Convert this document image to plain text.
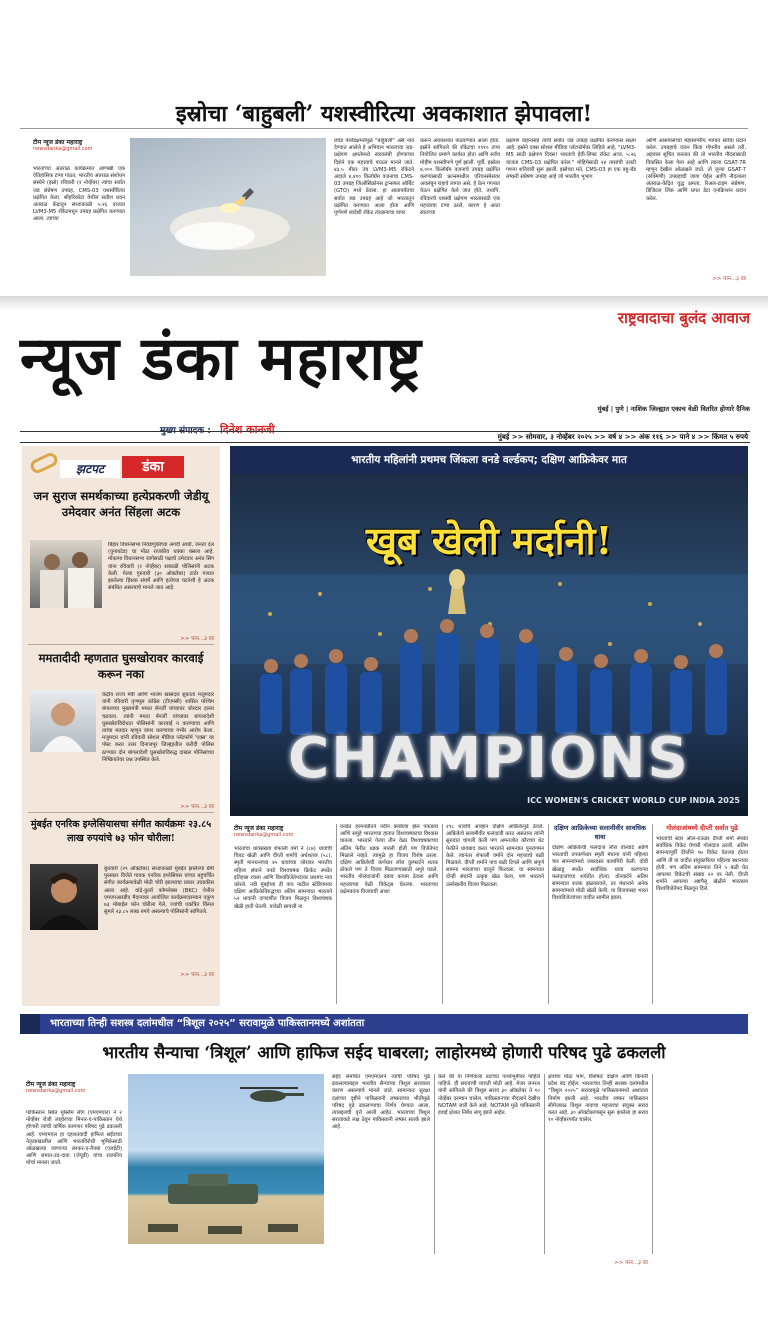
इस्रोचा ‘बाहुबली’ यशस्वीरित्या अवकाशात झेपावला!
टीम न्यूज डंका महाराष्ट्र
newsdanka@gmail.com
भारताच्या अंतराळ कार्यक्रमात आणखी एक ऐतिहासिक टप्पा गाठत, भारतीय अंतराळ संशोधन संस्थेने (इस्रो) रविवारी (२ नोव्हेंबर) त्यांचा सर्वात जड संप्रेषण उपग्रह, CMS-03 यशस्वीरित्या प्रक्षेपित केला. श्रीहरिकोटा येथील सतीश धवन अंतराळ केंद्रातून संध्याकाळी ५:२६ वाजता LVM3-M5 रॉकेटमधून उपग्रह प्रक्षेपित करण्यात आला. त्याच्या
प्रचंड पेलोडक्षमतेमुळे "बाहुबली" असे नाव देण्यात आलेले हे अभियान भारताच्या जड-प्रक्षेपण क्षमतेमध्ये स्वावलंबी होण्याच्या दिशेने एक महत्त्वाचे पाऊल मानले जाते. ४३.५ मीटर उंच LVM3-M5 रॉकेटने अंदाजे ४,४१० किलोग्रॅम वजनाचा CMS-03 उपग्रह जिओसिंक्रोनस ट्रान्सफर ऑर्बिट (GTO) मध्ये ठेवला. हा आतापर्यंतचा सर्वात जड उपग्रह आहे जो भारतातून प्रक्षेपित करण्यात आला होता आणि पूर्णपणे स्वदेशी रॉकेट तंत्रज्ञानाचा वापर
करून अवकाशात पाठवण्यात आला होता. इस्रोने सांगितले की रॉकेटचा १९१० टप्पा नियोजित प्रमाणे कार्यरत होता आणि सर्वच मोहीम यशस्वीपणे पूर्ण झाली. पूर्वी, इस्रोला ४,००० किलोग्रॅम वजनाचे उपग्रह प्रक्षेपित करण्यासाठी फ्रान्समधील एरियनस्पेसवर अवलंबून राहावे लागत असे, हे प्रेत्न गगनात येऊन प्रक्षेपित केले जात होते. तथापि, रविवारचे यशस्वी प्रक्षेपण भारतासाठी एक महत्त्वाचा टप्पा ठरले, कारण हे आता स्वतःच्या
प्रक्षेपण वाहनांसह त्यांचे सर्वात जड उपग्रह प्रक्षेपित करण्यास सक्षम आहे. इस्रोने एक्स सोशल मीडिया प्लॅटफॉर्मवर लिहिले आहे, "LVM3-M5 साठी प्रक्षेपण दिवस! भारताचे हेवी-लिफ्ट रॉकेट आज, ५:२६ वाजता CMS-03 प्रक्षेपित करेल." मोहिमेसाठी २४ तासांची उलटी गणना शनिवारी सुरू झाली. इस्रोच्या मते, CMS-03 हा एक बहु-बँड लष्करी संप्रेषण उपग्रह आहे जो भारतीय भूभाग
आणि आसपासच्या महासागरीय भागात सेवेचा प्रदान करेल. उपग्रहाचे वजन किंवा गोपनीय असले तरी, अहवाल सूचित करतात की तो भारतीय नौदलासाठी विकसित केला गेला आहे आणि त्याला GSAT-7R म्हणून देखील ओळखले जाते. तो जुन्या GSAT-7 (रुक्मिणी) उपग्रहाची जागा घेईल आणि नौदलाला अंतराळ-केंद्रित युद्ध क्षमता, रिअल-टाइम संप्रेषण, डिजिटल लिंक आणि प्रगत डेटा एनक्रिप्शन प्रदान करेल.
>> पान...३ वर
राष्ट्रवादाचा बुलंद आवाज
न्यूज डंका महाराष्ट्र
मुख्य संपादक : दिनेश कानजी
मुंबई | पुणे | नाशिक जिल्ह्यात एकाच वेळी वितरित होणारे दैनिक
मुंबई >> सोमवार, ३ नोव्हेंबर २०२५ >> वर्ष ४ >> अंक ११६ >> पाने ४ >> किंमत ५ रुपये
झटपट	डंका
जन सुराज समर्थकाच्या हत्येप्रकरणी जेडीयू उमेदवार अनंत सिंहला अटक
बिहार विधानसभा निवडणुकीच्या अगदी आधी, जनता दल (युनायटेड) चा मोठा राजकीय धक्का बसला आहे. मोकामा विधानसभा जागेसाठी पक्षाचे उमेदवार अनंत सिंग यांना रविवारी (२ नोव्हेंबर) सकाळी पोलिसांनी अटक केली. गेल्या गुरुवारी (३० ऑक्टोबर) टार्टर गावात झालेल्या हिंसक संघर्षे आणि हत्येच्या घटनेशी हे अटक संबंधित असल्याचे मानले जात आहे.
>> पान...३ वर
ममतादीदी म्हणतात घुसखोरावर कारवाई करून नका
केंद्रीय राज्य मंत्री आणि भाजप खासदार सुकांता मजुमदार यांनी रविवारी तृणमूल काँग्रेस (टीएमसी) शासित पश्चिम बंगालच्या मुख्यमंत्री ममता बॅनर्जी यांच्यावर जोरदार हल्ला चढवला. त्यांनी ममता बॅनर्जी यांच्यावर बांगलादेशी घुसखोरांविरोधात पोलिसांनी कारवाई न करण्याचा आणि त्यांचा मतदार म्हणून वापर करण्याचा गंभीर आरोप केला. मजुमदार यांनी रविवारी सोशल मीडिया प्लॅटफॉर्म 'एक्स' वर पोस्ट करत उत्तर दिनाजपूर जिल्ह्यातील करीदी पोलिस ठाण्यात दोन बांगलादेशी घुसखोरांविरुद्ध दाखल पोलिसांच्या निष्क्रियतेवर प्रश्न उपस्थित केले.
>> पान...३ वर
मुंबईत एनरिक इग्लेसियासचा संगीत कार्यक्रमः २३.८५ लाख रुपयांचे ७३ फोन चोरीला!
बुधवारी (२९ ऑक्टोबर) संध्याकाळी मुंबईत झालेल्या ग्रॅमी पुरस्कार विजेते गायक एनरिक इग्लेसियस यांच्या बहुचर्चित संगीत कार्यक्रमावेळी मोठी चोरी झाल्याचा प्रकार उघडकीस आला आहे. वांद्रे-कुर्ला कॉम्प्लेक्स (BKC) येथील एमएमआरडीए मैदानावर आयोजित कार्यक्रमादरम्यान एकूण ७३ मोबाईल फोन चोरीला गेले, ज्यांची एकत्रित किंमत सुमारे २३.८५ लाख रुपये असल्याचे पोलिसांनी सांगितले.
>> पान...३ वर
भारतीय महिलांनी प्रथमच जिंकला वनडे वर्ल्डकप; दक्षिण आफ्रिकेवर मात
खूब खेली मर्दानी!
CHAMPIONS
ICC WOMEN'S CRICKET WORLD CUP INDIA 2025
टीम न्यूज डंका महाराष्ट्र
newsdanka@gmail.com
भारताचा धावसंख्या शेफाली वर्मा ने (८७) धावांची चिवट खेळी आणि दीप्ती शर्माचे अर्धशतक (५८), स्मृती मानधनाच्या ४५ धावांच्या जोरावर भारतीय महिला संघाने वनडे विश्वचषक क्रिकेट स्पर्धेत इतिहास रचला आणि विश्वविजेतेपदावर प्रथमच नाव कोरले. नवी मुंबईच्या डी वाय पाटील स्टेडियमवर दक्षिण आफ्रिकेविरुद्धच्या अंतिम सामन्यात भारताने ५२ धावांनी दणदणीत विजय मिळवून विश्वचषक खेळी हाती घेतली. यावेळी सायली ना
वनडेत हरमनप्रीतने नदीन क्लर्कचा झेल पकडला आणि समुहे भारताच्या हातात विश्वचषकाचा विश्वास घातला. भारताने गेल्या तीन वेळा विश्वचषकाच्या अंतिम फेरीत धडक मारली होती पण विजेतेपद मिळाले नव्हते. त्यामुळे हा विजय विशेष ठरला. दक्षिण आफ्रिकेची कर्णधार लॉरा वुल्फार्टने शतक ठोकले पण ते विजय मिळवण्यासाठी अपुरे पडले. भारतीय गोलंदाजांनी दबाव कायम ठेवला आणि महत्त्वाच्या वेळी विकेट्स घेतल्या. भारताच्या प्रक्षेपकांना विजयाची आशा
२९८ धावांचे आव्हान दक्षिण आफ्रिकेपुढे ठेवले. आफ्रिकेचे सलामीवीर फलंदाजी करत असताना त्यांनी सुरुवात चांगली केली पण अमनजोत कौरच्या थेट फेकीने धावबाद करत भारताने सामन्यात पुनरागमन केले. त्यानंतर शेफाली वर्माने दोन महत्त्वाचे बळी मिळवले. दीप्ती शर्माने पाच बळी टिपले आणि संपूर्ण सामना भारताच्या बाजूने फिरवला. या सामन्यात दोन्ही संघांनी उत्कृष्ट खेळ केला, पण भारताने उल्लेखनीय विजय मिळवला.
दक्षिण आफ्रिकेच्या सलामीवीर सावधिक धावा
दक्षिण आफ्रिकेची फलंदाज लॉरा वोल्वार्ट आणि भारताची उपकर्णधार स्मृती मंधाना यांनी पहिल्या चार सामन्यांमध्ये जबरदस्त कामगिरी केली. दोघी खेळाडू स्पर्धेत सर्वाधिक धावा करणाऱ्या फलंदाजांच्या शर्यतीत होत्या. वोल्वार्टने अंतिम सामन्यात शतक झळकावले, तर मंधानाने अनेक सामन्यांमध्ये मोठी खेळी केली. या विजयासह भारत विश्वविजेत्यांच्या यादीत सामील झाला.
गोलंदाजांमध्ये दीप्ती सर्वात पुढे
भारताची स्टार ऑल-राऊंडर दीप्ती शर्मा स्पर्धेत सर्वाधिक विकेट घेणारी गोलंदाज ठरली. अंतिम सामन्यापूर्वी दीप्तीने १७ विकेट घेतल्या होत्या आणि ती या यादीत संयुक्तरित्या पहिल्या स्थानावर होती. पण अंतिम सामन्यात तिने ५ बळी घेत आपल्या विकेटची संख्या २२ वर नेली. दीप्ती शर्माने आपल्या अष्टपैलू खेळीने भारताला विश्वविजेतेपद मिळवून दिले.
भारताच्या तिन्ही सशस्त्र दलांमधील “त्रिशूल २०२५” सरावामुळे पाकिस्तानमध्ये अशांतता
भारतीय सैन्याचा ‘त्रिशूल’ आणि हाफिज सईद घाबरला; लाहोरमध्ये होणारी परिषद पुढे ढकलली
टीम न्यूज डंका महाराष्ट्र
newsdanka@gmail.com
पाकिस्तान स्थित मुस्लिम लीग (एमएमएल) ने २ नोव्हेंबर रोजी लाहोरच्या मिनार-ए-पाकिस्तान येथे होणारी त्यांची वार्षिक कामगार परिषद पुढे ढकलली आहे. एमएमएल हा दहशतवादी हाफिज सईदच्या नेतृत्वाखालील आणि भारतविरोधी भूमिकेसाठी ओळखल्या जाणाऱ्या लश्कर-ए-तैयबा (एलईटी) आणि जमात-उद-दावा (जेयूडी) यांचा राजकीय मोर्चा मानला जातो.
सईद समर्थित एमएमएलने त्यांची परिषद पुढे ढकलल्याबद्दल भारतीय सैन्याच्या त्रिशूल सरावाला कारण असल्याचे मानले जाते. सामान्यतः सुरक्षा दलांच्या दृष्टीने पाकिस्तानी लष्कराच्या भीतीमुळे परिषद पुढे ढकलण्याचा निर्णय घेण्यात आला, त्याबद्दलची वृत्ते आली आहेत. भारताच्या त्रिशूल सरावाकडे लक्ष ठेवून पाकिस्तानी लष्कर सतर्क झाले आहे.
केले की या निर्णयाला तटाच्या पार्श्वभूमीवर पाहिले पाहिजे. ही सरावाची व्याप्ती मोठी आहे. मेजर जनरल यांनी सांगितले की त्रिशूल सराव ३० ऑक्टोबर ते १० नोव्हेंबर दरम्यान चालेल. पाकिस्तानच्या नौदलाने देखील NOTAM जारी केले आहे. NOTAM मुळे पाकिस्तानी हवाई क्षेत्रात निर्बंध लागू झाले आहेत.
क्षेत्राचा मोठा भाग, विशेषतः दक्षिण आणि किनारी प्रदेश बंद होईल. भारताच्या तिन्ही सशस्त्र दलांमधील “त्रिशूल २०२५” सरावामुळे पाकिस्तानमध्ये अशांतता निर्माण झाली आहे. भारतीय लष्कर पाकिस्तान सीमेजवळ त्रिशूल नावाचा महत्त्वाचा संयुक्त सराव करत आहे. ३० ऑक्टोबरपासून सुरू झालेला हा सराव १० नोव्हेंबरपर्यंत चालेल.
>> पान...३ वर
